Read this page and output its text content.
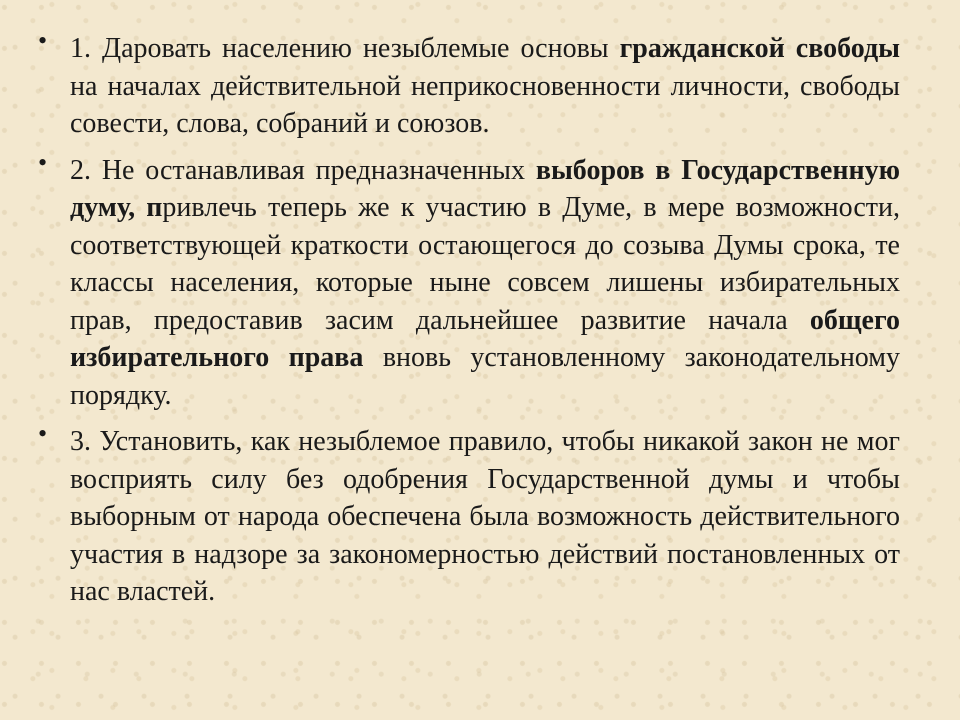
• 1. Даровать населению незыблемые основы гражданской свободы на началах действительной неприкосновенности личности, свободы совести, слова, собраний и союзов.
• 2. Не останавливая предназначенных выборов в Государственную думу, привлечь теперь же к участию в Думе, в мере возможности, соответствующей краткости остающегося до созыва Думы срока, те классы населения, которые ныне совсем лишены избирательных прав, предоставив засим дальнейшее развитие начала общего избирательного права вновь установленному законодательному порядку.
• 3. Установить, как незыблемое правило, чтобы никакой закон не мог восприять силу без одобрения Государственной думы и чтобы выборным от народа обеспечена была возможность действительного участия в надзоре за закономерностью действий постановленных от нас властей.
